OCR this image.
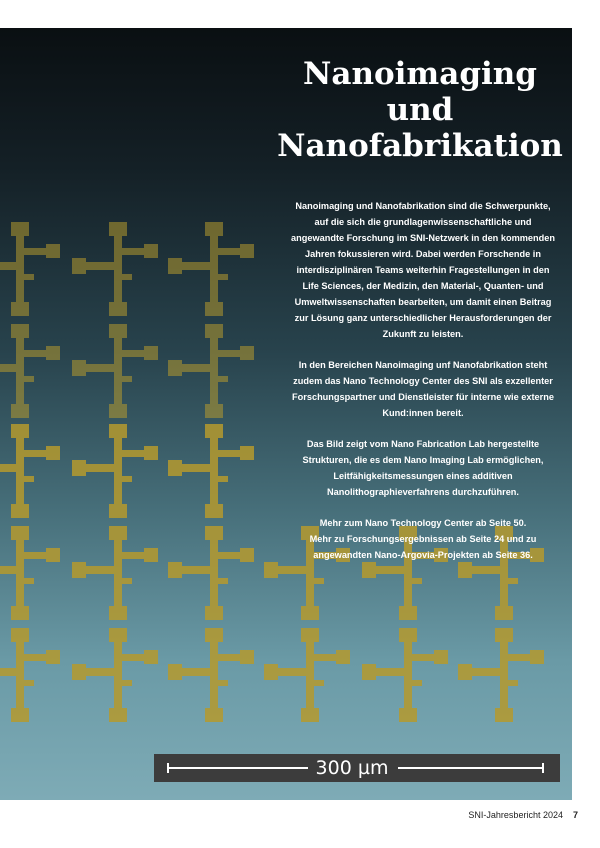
Nanoimaging
und
Nanofabrikation

Nanoimaging und Nanofabrikation sind die Schwerpunkte, auf die sich die grundlagenwissenschaftliche und angewandte Forschung im SNI-Netzwerk in den kommenden Jahren fokussieren wird. Dabei werden Forschende in interdisziplinären Teams weiterhin Fragestellungen in den Life Sciences, der Medizin, den Material-, Quanten- und Umweltwissenschaften bearbeiten, um damit einen Beitrag zur Lösung ganz unterschiedlicher Herausforderungen der Zukunft zu leisten.

In den Bereichen Nanoimaging unf Nanofabrikation steht zudem das Nano Technology Center des SNI als exzellenter Forschungspartner und Dienstleister für interne wie externe Kund:innen bereit.

Das Bild zeigt vom Nano Fabrication Lab hergestellte Strukturen, die es dem Nano Imaging Lab ermöglichen, Leitfähigkeitsmessungen eines additiven Nanolithographieverfahrens durchzuführen.

Mehr zum Nano Technology Center ab Seite 50.

Mehr zu Forschungsergebnissen ab Seite 24 und zu angewandten Nano-Argovia-Projekten ab Seite 36.

300 µm
SNI-Jahresbericht 2024 7
